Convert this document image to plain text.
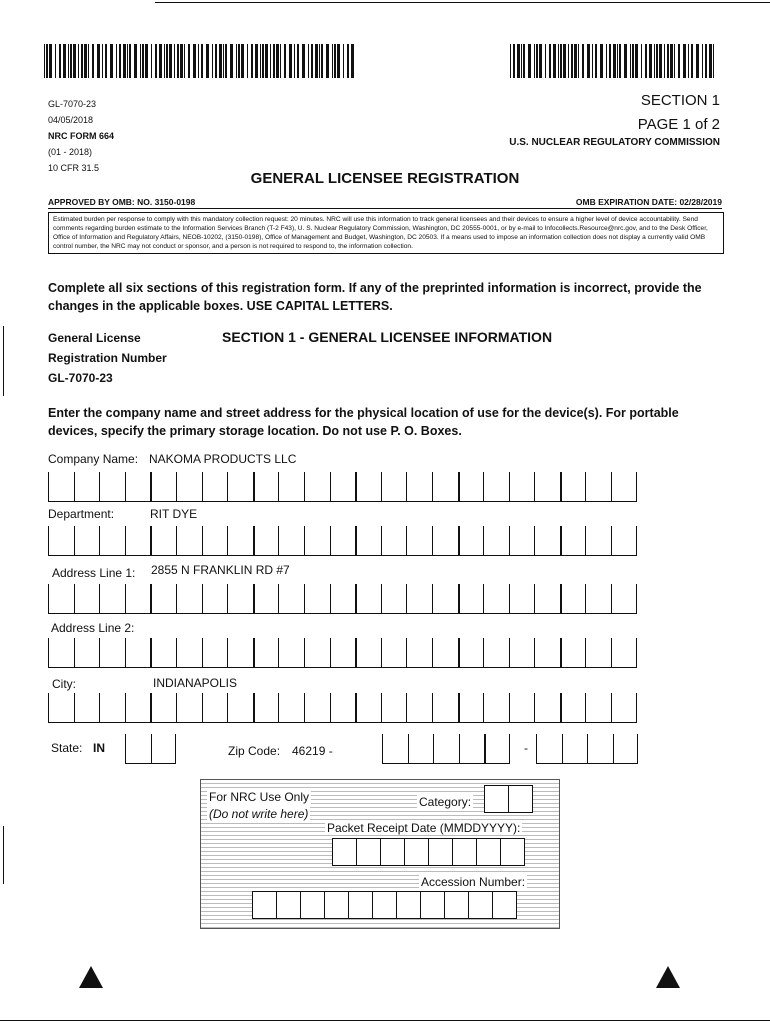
GL-7070-23
04/05/2018
NRC FORM 664
(01 - 2018)
10 CFR 31.5
SECTION 1
PAGE 1 of 2
U.S. NUCLEAR REGULATORY COMMISSION
GENERAL LICENSEE REGISTRATION
APPROVED BY OMB: NO. 3150-0198	OMB EXPIRATION DATE: 02/28/2019
Estimated burden per response to comply with this mandatory collection request: 20 minutes. NRC will use this information to track general licensees and their devices to ensure a higher level of device accountability. Send comments regarding burden estimate to the Information Services Branch (T-2 F43), U. S. Nuclear Regulatory Commission, Washington, DC 20555-0001, or by e-mail to Infocollects.Resource@nrc.gov, and to the Desk Officer, Office of Information and Regulatory Affairs, NEOB-10202, (3150-0198), Office of Management and Budget, Washington, DC 20503. If a means used to impose an information collection does not display a currently valid OMB control number, the NRC may not conduct or sponsor, and a person is not required to respond to, the information collection.
Complete all six sections of this registration form. If any of the preprinted information is incorrect, provide the changes in the applicable boxes. USE CAPITAL LETTERS.
General License
Registration Number
GL-7070-23
SECTION 1 - GENERAL LICENSEE INFORMATION
Enter the company name and street address for the physical location of use for the device(s). For portable devices, specify the primary storage location. Do not use P. O. Boxes.
Company Name: NAKOMA PRODUCTS LLC
Department:	RIT DYE
Address Line 1: 2855 N FRANKLIN RD #7
Address Line 2:
City:	INDIANAPOLIS
State: IN	Zip Code: 46219 -	-
For NRC Use Only
(Do not write here)
Category:
Packet Receipt Date (MMDDYYYY):
Accession Number:
